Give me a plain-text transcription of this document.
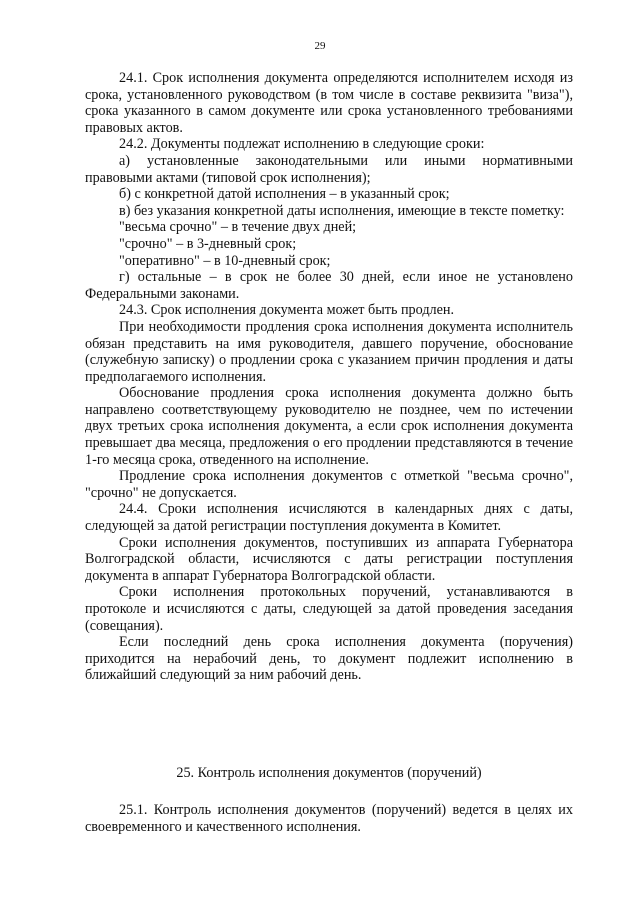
29

24.1. Срок исполнения документа определяются исполнителем исходя из срока, установленного руководством (в том числе в составе реквизита "виза"), срока указанного в самом документе или срока установленного требованиями правовых актов.

24.2. Документы подлежат исполнению в следующие сроки:

а) установленные законодательными или иными нормативными правовыми актами (типовой срок исполнения);

б) с конкретной датой исполнения – в указанный срок;

в) без указания конкретной даты исполнения, имеющие в тексте пометку:

"весьма срочно" – в течение двух дней;

"срочно" – в 3-дневный срок;

"оперативно" – в 10-дневный срок;

г) остальные – в срок не более 30 дней, если иное не установлено Федеральными законами.

24.3. Срок исполнения документа может быть продлен.

При необходимости продления срока исполнения документа исполнитель обязан представить на имя руководителя, давшего поручение, обоснование (служебную записку) о продлении срока с указанием причин продления и даты предполагаемого исполнения.

Обоснование продления срока исполнения документа должно быть направлено соответствующему руководителю не позднее, чем по истечении двух третьих срока исполнения документа, а если срок исполнения документа превышает два месяца, предложения о его продлении представляются в течение 1-го месяца срока, отведенного на исполнение.

Продление срока исполнения документов с отметкой "весьма срочно", "срочно" не допускается.

24.4. Сроки исполнения исчисляются в календарных днях с даты, следующей за датой регистрации поступления документа в Комитет.

Сроки исполнения документов, поступивших из аппарата Губернатора Волгоградской области, исчисляются с даты регистрации поступления документа в аппарат Губернатора Волгоградской области.

Сроки исполнения протокольных поручений, устанавливаются в протоколе и исчисляются с даты, следующей за датой проведения заседания (совещания).

Если последний день срока исполнения документа (поручения) приходится на нерабочий день, то документ подлежит исполнению в ближайший следующий за ним рабочий день.

25. Контроль исполнения документов (поручений)

25.1. Контроль исполнения документов (поручений) ведется в целях их своевременного и качественного исполнения.
